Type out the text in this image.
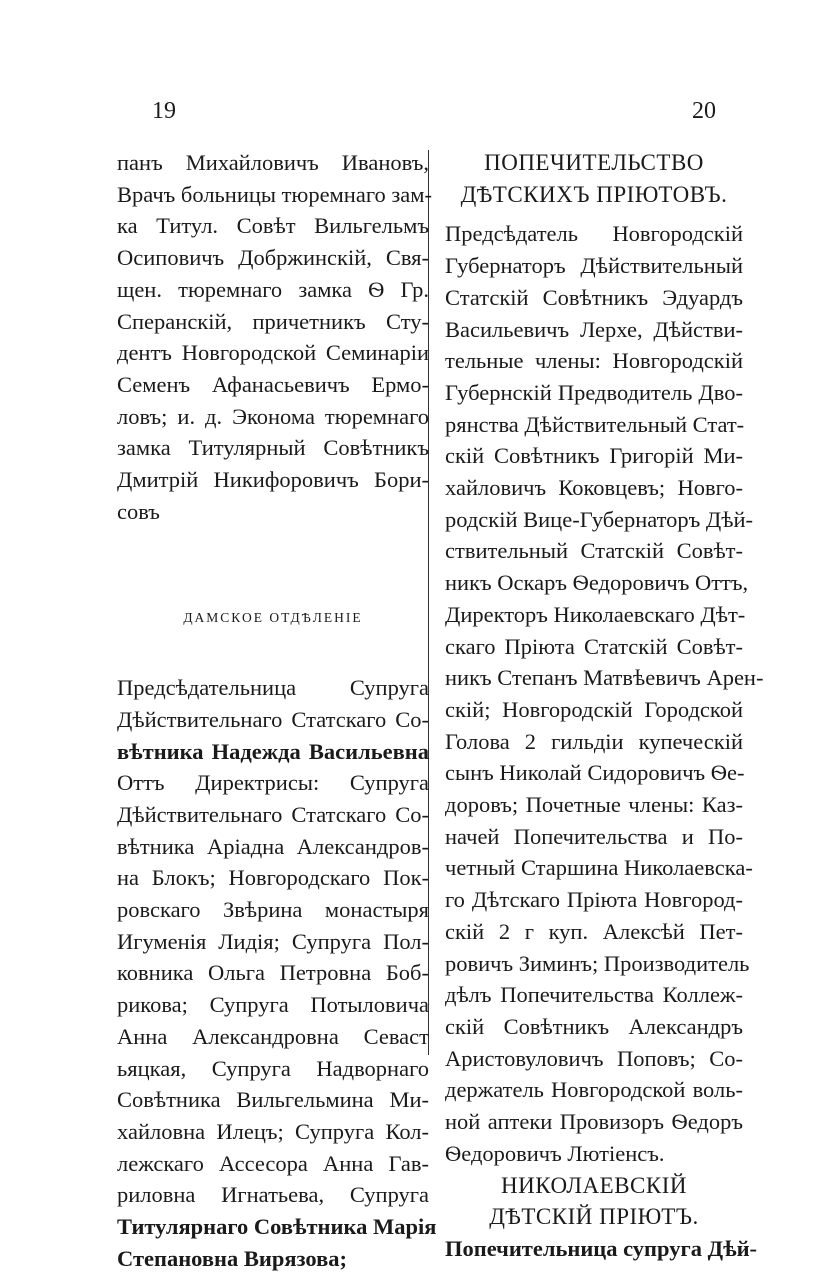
19	20
панъ Михайловичъ Ивановъ,
Врачъ больницы тюремнаго зам-
ка Титул. Совѣт Вильгельмъ
Осиповичъ Добржинскій, Свя-
щен. тюремнаго замка Ѳ Гр.
Сперанскій, причетникъ Сту-
дентъ Новгородской Семинаріи
Семенъ Афанасьевичъ Ермо-
ловъ; и. д. Эконома тюремнаго
замка Титулярный Совѣтникъ
Дмитрій Никифоровичъ Бори-
совъ
ДАМСКОЕ ОТДѢЛЕНІЕ
Предсѣдательница Супруга
Дѣйствительнаго Статскаго Со-
вѣтника Надежда Васильевна
Оттъ Директрисы: Супруга
Дѣйствительнаго Статскаго Со-
вѣтника Аріадна Александров-
на Блокъ; Новгородскаго Пок-
ровскаго Звѣрина монастыря
Игуменія Лидія; Супруга Пол-
ковника Ольга Петровна Боб-
рикова; Супруга Потыловича
Анна Александровна Севаст
ьяцкая, Супруга Надворнаго
Совѣтника Вильгельмина Ми-
хайловна Илецъ; Супруга Кол-
лежскаго Ассесора Анна Гав-
риловна Игнатьева, Супруга
Титулярнаго Совѣтника Марія
Степановна Вирязова;
ПОПЕЧИТЕЛЬСТВО
ДѢТСКИХЪ ПРІЮТОВЪ.
Предсѣдатель Новгородскій
Губернаторъ Дѣйствительный
Статскій Совѣтникъ Эдуардъ
Васильевичъ Лерхе, Дѣйстви-
тельные члены: Новгородскій
Губернскій Предводитель Дво-
рянства Дѣйствительный Стат-
скій Совѣтникъ Григорій Ми-
хайловичъ Коковцевъ; Новго-
родскій Вице-Губернаторъ Дѣй-
ствительный Статскій Совѣт-
никъ Оскаръ Ѳедоровичъ Оттъ,
Директоръ Николаевскаго Дѣт-
скаго Пріюта Статскій Совѣт-
никъ Степанъ Матвѣевичъ Арен-
скій; Новгородскій Городской
Голова 2 гильдіи купеческій
сынъ Николай Сидоровичъ Ѳе-
доровъ; Почетные члены: Каз-
начей Попечительства и По-
четный Старшина Николаевска-
го Дѣтскаго Пріюта Новгород-
скій 2 г куп. Алексѣй Пет-
ровичъ Зиминъ; Производитель
дѣлъ Попечительства Коллеж-
скій Совѣтникъ Александръ
Аристовуловичъ Поповъ; Со-
держатель Новгородской воль-
ной аптеки Провизоръ Ѳедоръ
Ѳедоровичъ Лютіенсъ.
НИКОЛАЕВСКІЙ
ДѢТСКІЙ ПРІЮТЪ.
Попечительница супруга Дѣй-
